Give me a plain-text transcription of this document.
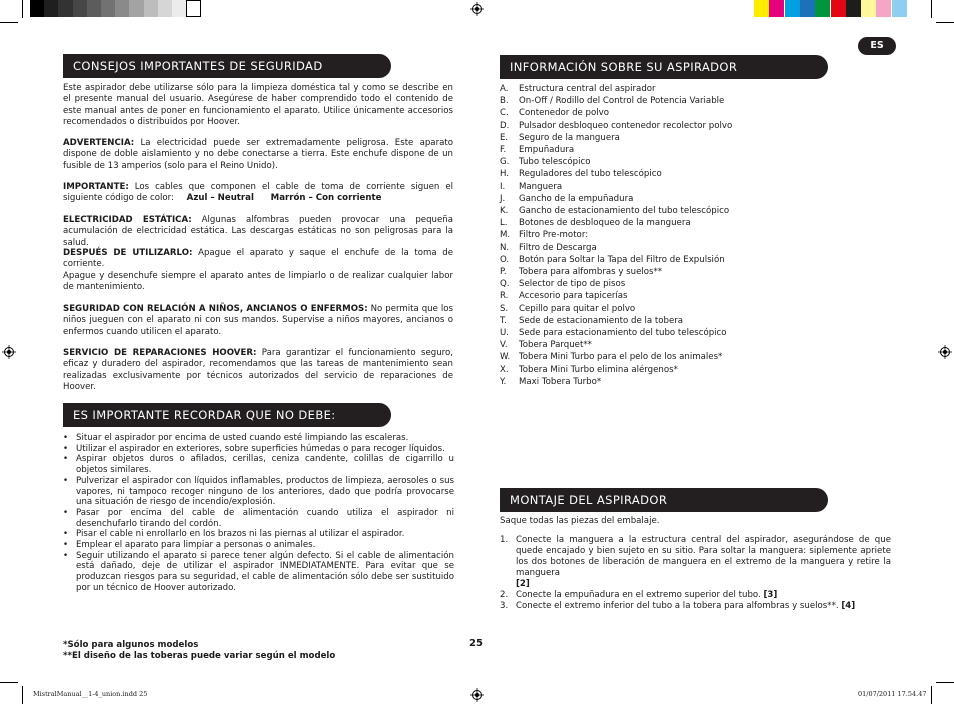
ES
CONSEJOS IMPORTANTES DE SEGURIDAD
Este aspirador debe utilizarse sólo para la limpieza doméstica tal y como se describe en el presente manual del usuario. Asegúrese de haber comprendido todo el contenido de este manual antes de poner en funcionamiento el aparato. Utilice únicamente accesorios recomendados o distribuidos por Hoover.
ADVERTENCIA: La electricidad puede ser extremadamente peligrosa. Este aparato dispone de doble aislamiento y no debe conectarse a tierra. Este enchufe dispone de un fusible de 13 amperios (solo para el Reino Unido).
IMPORTANTE: Los cables que componen el cable de toma de corriente siguen el siguiente código de color: Azul – Neutral Marrón – Con corriente
ELECTRICIDAD ESTÁTICA: Algunas alfombras pueden provocar una pequeña acumulación de electricidad estática. Las descargas estáticas no son peligrosas para la salud.
DESPUÉS DE UTILIZARLO: Apague el aparato y saque el enchufe de la toma de corriente.
Apague y desenchufe siempre el aparato antes de limpiarlo o de realizar cualquier labor de mantenimiento.
SEGURIDAD CON RELACIÓN A NIÑOS, ANCIANOS O ENFERMOS: No permita que los niños jueguen con el aparato ni con sus mandos. Supervise a niños mayores, ancianos o enfermos cuando utilicen el aparato.
SERVICIO DE REPARACIONES HOOVER: Para garantizar el funcionamiento seguro, eficaz y duradero del aspirador, recomendamos que las tareas de mantenimiento sean realizadas exclusivamente por técnicos autorizados del servicio de reparaciones de Hoover.
ES IMPORTANTE RECORDAR QUE NO DEBE:
• Situar el aspirador por encima de usted cuando esté limpiando las escaleras.
• Utilizar el aspirador en exteriores, sobre superficies húmedas o para recoger líquidos.
• Aspirar objetos duros o afilados, cerillas, ceniza candente, colillas de cigarrillo u objetos similares.
• Pulverizar el aspirador con líquidos inflamables, productos de limpieza, aerosoles o sus vapores, ni tampoco recoger ninguno de los anteriores, dado que podría provocarse una situación de riesgo de incendio/explosión.
• Pasar por encima del cable de alimentación cuando utiliza el aspirador ni desenchufarlo tirando del cordón.
• Pisar el cable ni enrollarlo en los brazos ni las piernas al utilizar el aspirador.
• Emplear el aparato para limpiar a personas o animales.
• Seguir utilizando el aparato si parece tener algún defecto. Si el cable de alimentación está dañado, deje de utilizar el aspirador INMEDIATAMENTE. Para evitar que se produzcan riesgos para su seguridad, el cable de alimentación sólo debe ser sustituido por un técnico de Hoover autorizado.
*Sólo para algunos modelos
**El diseño de las toberas puede variar según el modelo
25
INFORMACIÓN SOBRE SU ASPIRADOR
A.	Estructura central del aspirador
B.	On-Off / Rodillo del Control de Potencia Variable
C.	Contenedor de polvo
D.	Pulsador desbloqueo contenedor recolector polvo
E.	Seguro de la manguera
F.	Empuñadura
G.	Tubo telescópico
H.	Reguladores del tubo telescópico
I.	Manguera
J.	Gancho de la empuñadura
K.	Gancho de estacionamiento del tubo telescópico
L.	Botones de desbloqueo de la manguera
M.	Filtro Pre-motor:
N.	Filtro de Descarga
O.	Botón para Soltar la Tapa del Filtro de Expulsión
P.	Tobera para alfombras y suelos**
Q.	Selector de tipo de pisos
R.	Accesorio para tapicerías
S.	Cepillo para quitar el polvo
T.	Sede de estacionamiento de la tobera
U.	Sede para estacionamiento del tubo telescópico
V.	Tobera Parquet**
W.	Tobera Mini Turbo para el pelo de los animales*
X.	Tobera Mini Turbo elimina alérgenos*
Y.	Maxi Tobera Turbo*
MONTAJE DEL ASPIRADOR
Saque todas las piezas del embalaje.
1. Conecte la manguera a la estructura central del aspirador, asegurándose de que quede encajado y bien sujeto en su sitio. Para soltar la manguera: siplemente apriete los dos botones de liberación de manguera en el extremo de la manguera y retire la manguera
[2]
2. Conecte la empuñadura en el extremo superior del tubo. [3]
3. Conecte el extremo inferior del tubo a la tobera para alfombras y suelos**. [4]
MistralManual__1-4_union.indd 25	01/07/2011 17.54.47
